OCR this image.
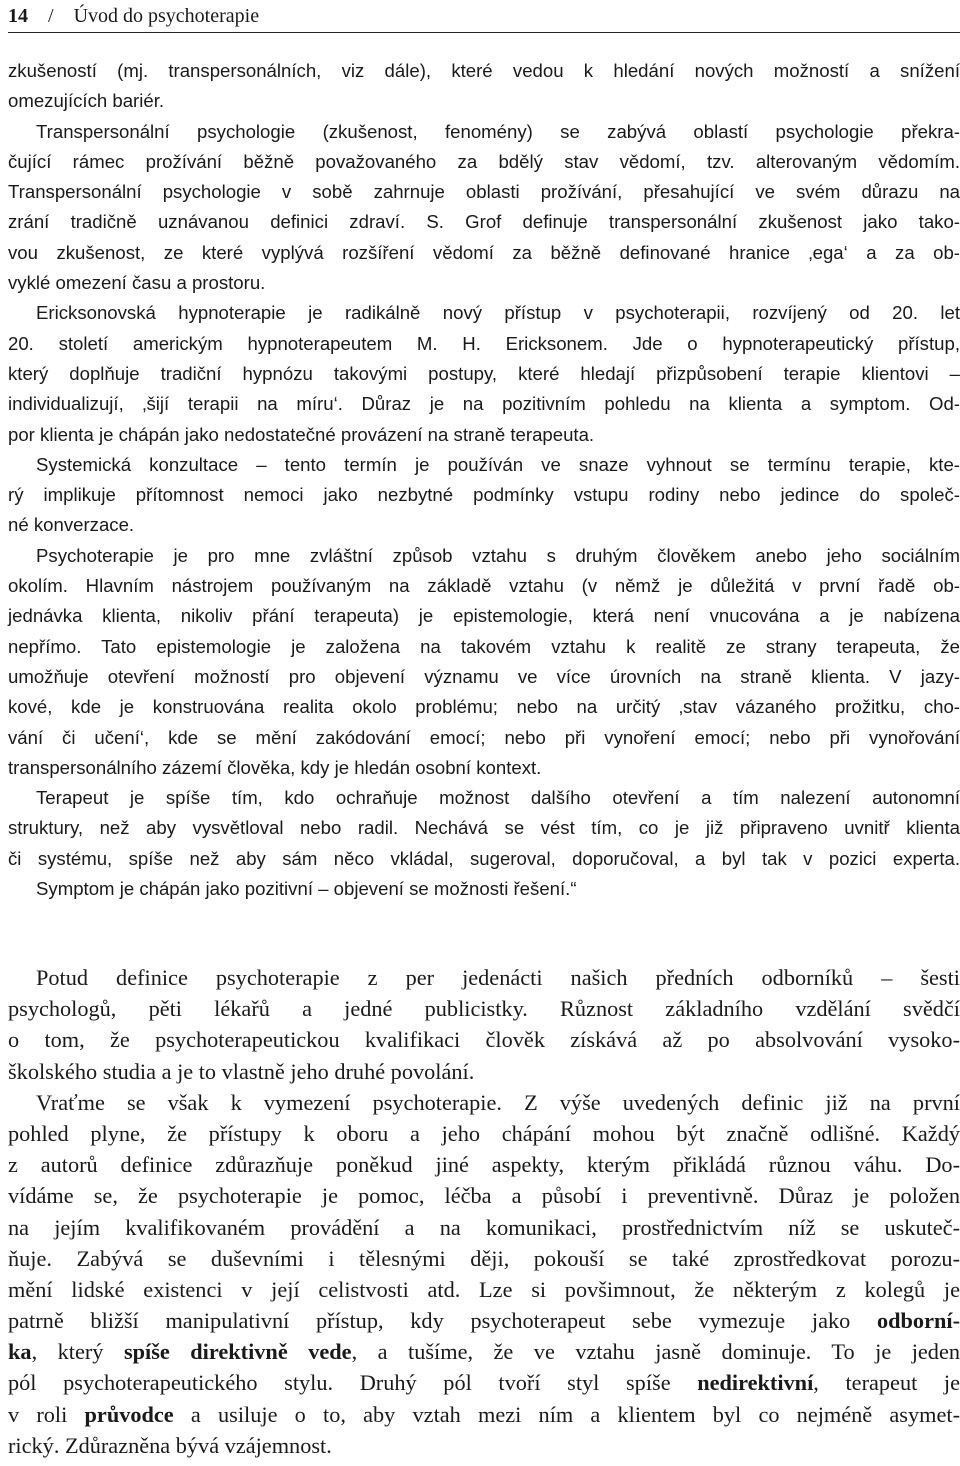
14 / Úvod do psychoterapie
zkušeností (mj. transpersonálních, viz dále), které vedou k hledání nových možností a snížení
omezujících bariér.
Transpersonální psychologie (zkušenost, fenomény) se zabývá oblastí psychologie překra-
čující rámec prožívání běžně považovaného za bdělý stav vědomí, tzv. alterovaným vědomím.
Transpersonální psychologie v sobě zahrnuje oblasti prožívání, přesahující ve svém důrazu na
zrání tradičně uznávanou definici zdraví. S. Grof definuje transpersonální zkušenost jako tako-
vou zkušenost, ze které vyplývá rozšíření vědomí za běžně definované hranice ‚ega‘ a za ob-
vyklé omezení času a prostoru.
Ericksonovská hypnoterapie je radikálně nový přístup v psychoterapii, rozvíjený od 20. let
20. století americkým hypnoterapeutem M. H. Ericksonem. Jde o hypnoterapeutický přístup,
který doplňuje tradiční hypnózu takovými postupy, které hledají přizpůsobení terapie klientovi –
individualizují, ‚šijí terapii na míru‘. Důraz je na pozitivním pohledu na klienta a symptom. Od-
por klienta je chápán jako nedostatečné provázení na straně terapeuta.
Systemická konzultace – tento termín je používán ve snaze vyhnout se termínu terapie, kte-
rý implikuje přítomnost nemoci jako nezbytné podmínky vstupu rodiny nebo jedince do společ-
né konverzace.
Psychoterapie je pro mne zvláštní způsob vztahu s druhým člověkem anebo jeho sociálním
okolím. Hlavním nástrojem používaným na základě vztahu (v němž je důležitá v první řadě ob-
jednávka klienta, nikoliv přání terapeuta) je epistemologie, která není vnucována a je nabízena
nepřímo. Tato epistemologie je založena na takovém vztahu k realitě ze strany terapeuta, že
umožňuje otevření možností pro objevení významu ve více úrovních na straně klienta. V jazy-
kové, kde je konstruována realita okolo problému; nebo na určitý ‚stav vázaného prožitku, cho-
vání či učení‘, kde se mění zakódování emocí; nebo při vynoření emocí; nebo při vynořování
transpersonálního zázemí člověka, kdy je hledán osobní kontext.
Terapeut je spíše tím, kdo ochraňuje možnost dalšího otevření a tím nalezení autonomní
struktury, než aby vysvětloval nebo radil. Nechává se vést tím, co je již připraveno uvnitř klienta
či systému, spíše než aby sám něco vkládal, sugeroval, doporučoval, a byl tak v pozici experta.
Symptom je chápán jako pozitivní – objevení se možnosti řešení.“
Potud definice psychoterapie z per jedenácti našich předních odborníků – šesti
psychologů, pěti lékařů a jedné publicistky. Různost základního vzdělání svědčí
o tom, že psychoterapeutickou kvalifikaci člověk získává až po absolvování vysoko-
školského studia a je to vlastně jeho druhé povolání.
Vraťme se však k vymezení psychoterapie. Z výše uvedených definic již na první
pohled plyne, že přístupy k oboru a jeho chápání mohou být značně odlišné. Každý
z autorů definice zdůrazňuje poněkud jiné aspekty, kterým přikládá různou váhu. Do-
vídáme se, že psychoterapie je pomoc, léčba a působí i preventivně. Důraz je položen
na jejím kvalifikovaném provádění a na komunikaci, prostřednictvím níž se uskuteč-
ňuje. Zabývá se duševními i tělesnými ději, pokouší se také zprostředkovat porozu-
mění lidské existenci v její celistvosti atd. Lze si povšimnout, že některým z kolegů je
patrně bližší manipulativní přístup, kdy psychoterapeut sebe vymezuje jako odborní-
ka, který spíše direktivně vede, a tušíme, že ve vztahu jasně dominuje. To je jeden
pól psychoterapeutického stylu. Druhý pól tvoří styl spíše nedirektivní, terapeut je
v roli průvodce a usiluje o to, aby vztah mezi ním a klientem byl co nejméně asymet-
rický. Zdůrazněna bývá vzájemnost.
